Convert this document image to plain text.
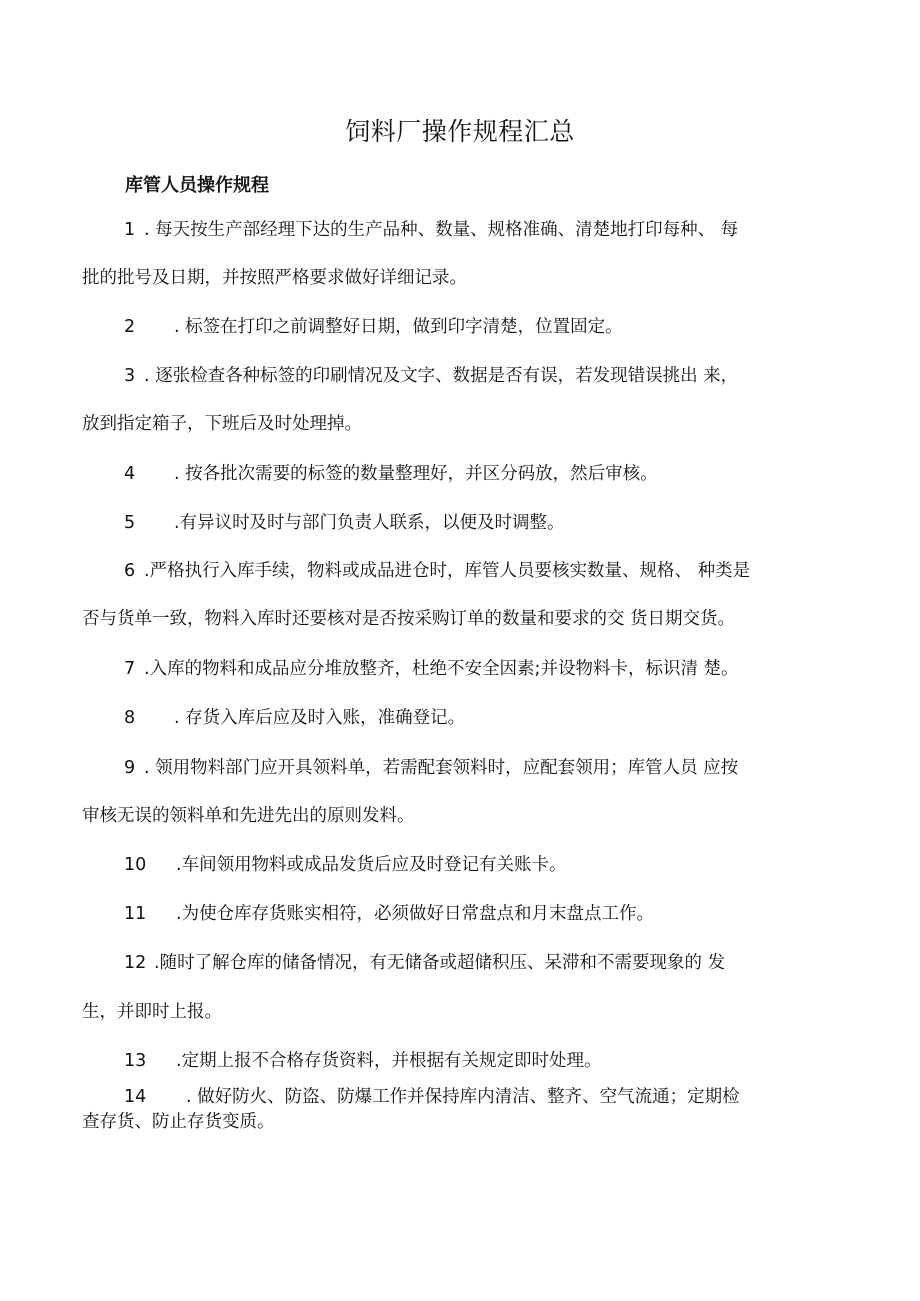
饲料厂操作规程汇总
库管人员操作规程
1 . 每天按生产部经理下达的生产品种、数量、规格准确、清楚地打印每种、 每
批的批号及日期，并按照严格要求做好详细记录。
2 . 标签在打印之前调整好日期，做到印字清楚，位置固定。
3 . 逐张检查各种标签的印刷情况及文字、数据是否有误，若发现错误挑出 来，
放到指定箱子，下班后及时处理掉。
4 . 按各批次需要的标签的数量整理好，并区分码放，然后审核。
5 .有异议时及时与部门负责人联系，以便及时调整。
6 .严格执行入库手续，物料或成品进仓时，库管人员要核实数量、规格、 种类是
否与货单一致，物料入库时还要核对是否按采购订单的数量和要求的交 货日期交货。
7 .入库的物料和成品应分堆放整齐，杜绝不安全因素;并设物料卡，标识清 楚。
8 . 存货入库后应及时入账，准确登记。
9 . 领用物料部门应开具领料单，若需配套领料时，应配套领用；库管人员 应按
审核无误的领料单和先进先出的原则发料。
10 .车间领用物料或成品发货后应及时登记有关账卡。
11 .为使仓库存货账实相符，必须做好日常盘点和月末盘点工作。
12 .随时了解仓库的储备情况，有无储备或超储积压、呆滞和不需要现象的 发
生，并即时上报。
13 .定期上报不合格存货资料，并根据有关规定即时处理。
14 . 做好防火、防盗、防爆工作并保持库内清洁、整齐、空气流通；定期检
查存货、防止存货变质。
